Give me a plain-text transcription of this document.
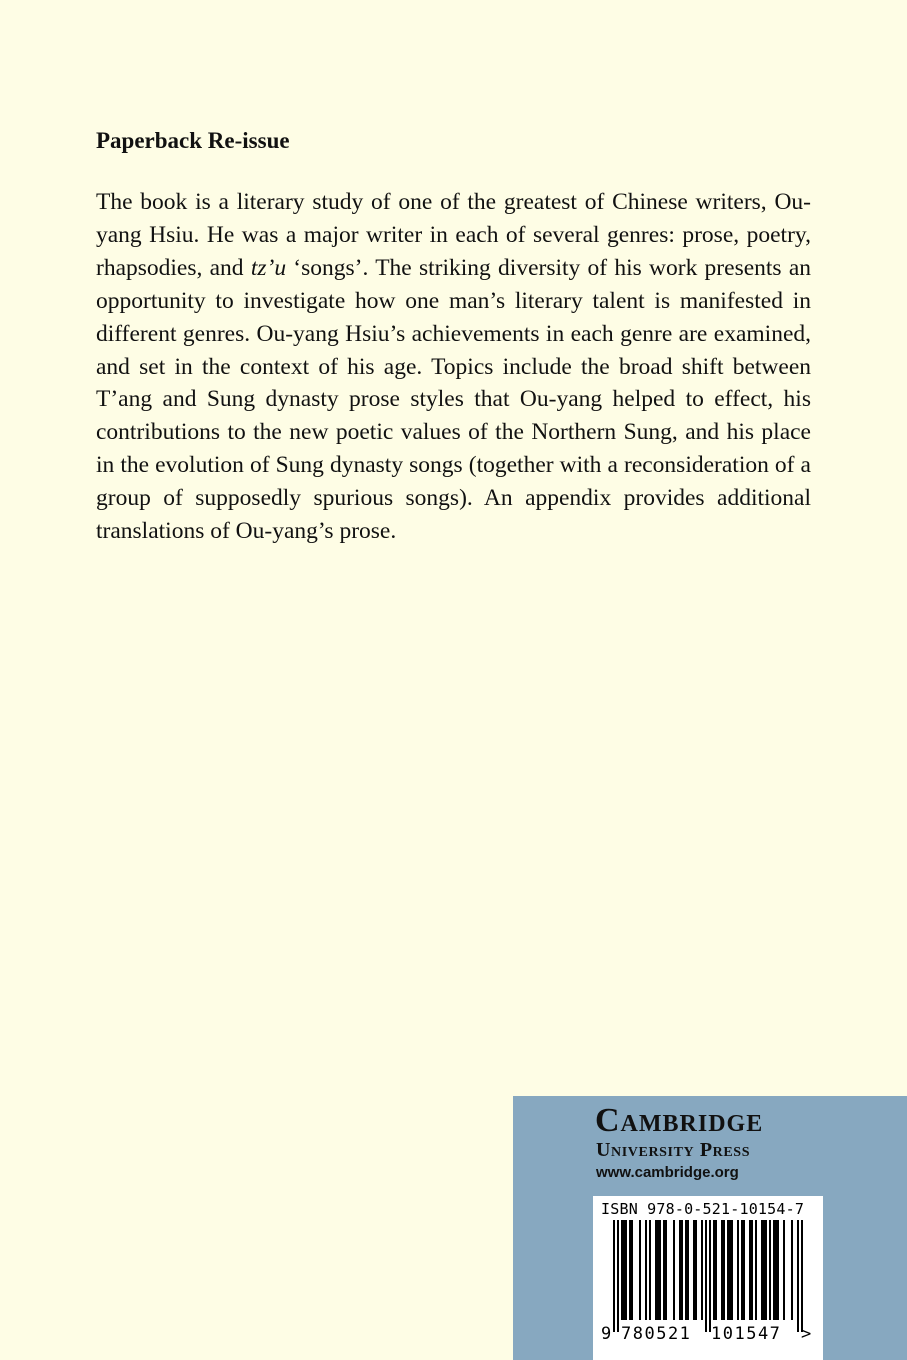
Paperback Re-issue

The book is a literary study of one of the greatest of Chinese writers, Ou-yang Hsiu. He was a major writer in each of several genres: prose, poetry, rhapsodies, and tz’u ‘songs’. The striking diversity of his work presents an opportunity to investigate how one man’s literary talent is manifested in different genres. Ou-yang Hsiu’s achievements in each genre are examined, and set in the context of his age. Topics include the broad shift between T’ang and Sung dynasty prose styles that Ou-yang helped to effect, his contributions to the new poetic values of the Northern Sung, and his place in the evolution of Sung dynasty songs (together with a reconsideration of a group of supposedly spurious songs). An appendix provides additional translations of Ou-yang’s prose.

Cambridge
University Press
www.cambridge.org
ISBN 978-0-521-10154-7
9 780521	101547	>
